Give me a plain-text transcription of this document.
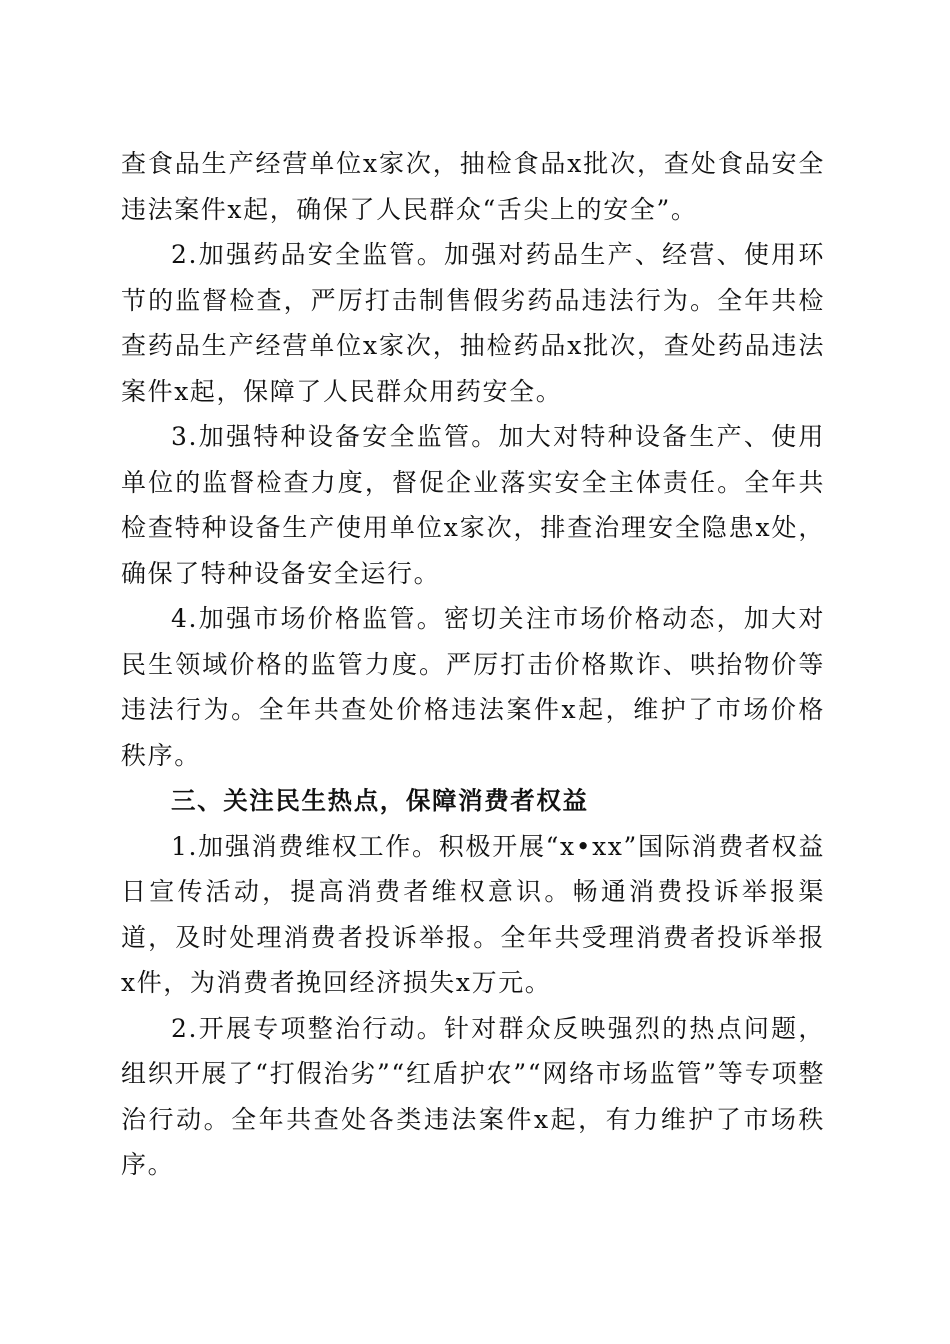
查食品生产经营单位x家次，抽检食品x批次，查处食品安全违法案件x起，确保了人民群众“舌尖上的安全”。

2.加强药品安全监管。加强对药品生产、经营、使用环节的监督检查，严厉打击制售假劣药品违法行为。全年共检查药品生产经营单位x家次，抽检药品x批次，查处药品违法案件x起，保障了人民群众用药安全。

3.加强特种设备安全监管。加大对特种设备生产、使用单位的监督检查力度，督促企业落实安全主体责任。全年共检查特种设备生产使用单位x家次，排查治理安全隐患x处，确保了特种设备安全运行。

4.加强市场价格监管。密切关注市场价格动态，加大对民生领域价格的监管力度。严厉打击价格欺诈、哄抬物价等违法行为。全年共查处价格违法案件x起，维护了市场价格秩序。

三、关注民生热点，保障消费者权益

1.加强消费维权工作。积极开展“x•xx”国际消费者权益日宣传活动，提高消费者维权意识。畅通消费投诉举报渠道，及时处理消费者投诉举报。全年共受理消费者投诉举报x件，为消费者挽回经济损失x万元。

2.开展专项整治行动。针对群众反映强烈的热点问题，组织开展了“打假治劣”“红盾护农”“网络市场监管”等专项整治行动。全年共查处各类违法案件x起，有力维护了市场秩序。
